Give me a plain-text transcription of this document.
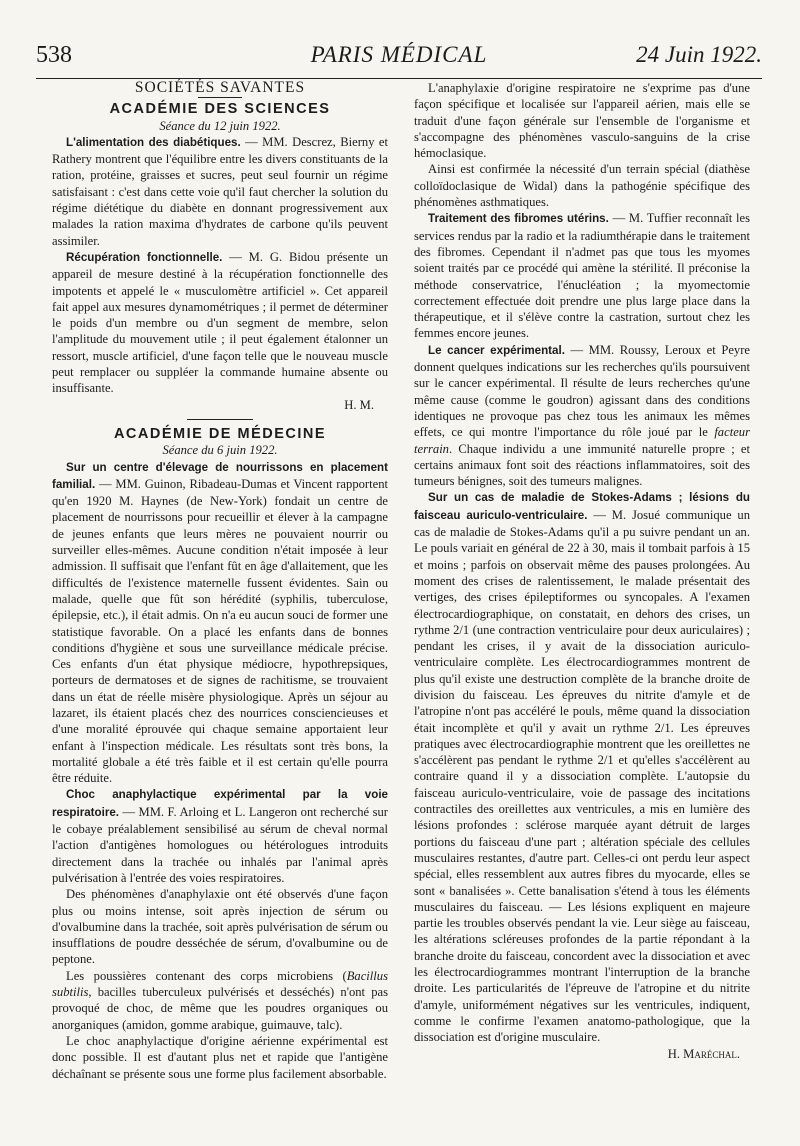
538	PARIS MÉDICAL	24 Juin 1922.

SOCIÉTÉS SAVANTES

ACADÉMIE DES SCIENCES

Séance du 12 juin 1922.

L'alimentation des diabétiques. — MM. Descrez, Bierny et Rathery montrent que l'équilibre entre les divers constituants de la ration, protéine, graisses et sucres, peut seul fournir un régime satisfaisant : c'est dans cette voie qu'il faut chercher la solution du régime diététique du diabète en donnant progressivement aux malades la ration maxima d'hydrates de carbone qu'ils peuvent assimiler.

Récupération fonctionnelle. — M. G. Bidou présente un appareil de mesure destiné à la récupération fonctionnelle des impotents et appelé le « musculomètre artificiel ». Cet appareil fait appel aux mesures dynamométriques ; il permet de déterminer le poids d'un membre ou d'un segment de membre, selon l'amplitude du mouvement utile ; il peut également étalonner un ressort, muscle artificiel, d'une façon telle que le nouveau muscle peut remplacer ou suppléer la commande humaine absente ou insuffisante.

H. M.

ACADÉMIE DE MÉDECINE

Séance du 6 juin 1922.

Sur un centre d'élevage de nourrissons en placement familial. — MM. Guinon, Ribadeau-Dumas et Vincent rapportent qu'en 1920 M. Haynes (de New-York) fondait un centre de placement de nourrissons pour recueillir et élever à la campagne de jeunes enfants que leurs mères ne pouvaient nourrir ou surveiller elles-mêmes. Aucune condition n'était imposée à leur admission. Il suffisait que l'enfant fût en âge d'allaitement, que les difficultés de l'existence maternelle fussent évidentes. Sain ou malade, quelle que fût son hérédité (syphilis, tuberculose, épilepsie, etc.), il était admis. On n'a eu aucun souci de former une statistique favorable. On a placé les enfants dans de bonnes conditions d'hygiène et sous une surveillance médicale précise. Ces enfants d'un état physique médiocre, hypothrepsiques, porteurs de dermatoses et de signes de rachitisme, se trouvaient dans un état de réelle misère physiologique. Après un séjour au lazaret, ils étaient placés chez des nourrices consciencieuses et d'une moralité éprouvée qui chaque semaine apportaient leur enfant à l'inspection médicale. Les résultats sont très bons, la mortalité globale a été très faible et il est certain qu'elle pourra être réduite.

Choc anaphylactique expérimental par la voie respiratoire. — MM. F. Arloing et L. Langeron ont recherché sur le cobaye préalablement sensibilisé au sérum de cheval normal l'action d'antigènes homologues ou hétérologues introduits directement dans la trachée ou inhalés par l'animal après pulvérisation à l'entrée des voies respiratoires.

Des phénomènes d'anaphylaxie ont été observés d'une façon plus ou moins intense, soit après injection de sérum ou d'ovalbumine dans la trachée, soit après pulvérisation de sérum ou insufflations de poudre desséchée de sérum, d'ovalbumine ou de peptone.

Les poussières contenant des corps microbiens (Bacillus subtilis, bacilles tuberculeux pulvérisés et desséchés) n'ont pas provoqué de choc, de même que les poudres organiques ou anorganiques (amidon, gomme arabique, guimauve, talc).

Le choc anaphylactique d'origine aérienne expérimental est donc possible. Il est d'autant plus net et rapide que l'antigène déchaînant se présente sous une forme plus facilement absorbable.

L'anaphylaxie d'origine respiratoire ne s'exprime pas d'une façon spécifique et localisée sur l'appareil aérien, mais elle se traduit d'une façon générale sur l'ensemble de l'organisme et s'accompagne des phénomènes vasculo-sanguins de la crise hémoclasique.

Ainsi est confirmée la nécessité d'un terrain spécial (diathèse colloïdoclasique de Widal) dans la pathogénie spécifique des phénomènes asthmatiques.

Traitement des fibromes utérins. — M. Tuffier reconnaît les services rendus par la radio et la radiumthérapie dans le traitement des fibromes. Cependant il n'admet pas que tous les myomes soient traités par ce procédé qui amène la stérilité. Il préconise la méthode conservatrice, l'énucléation ; la myomectomie correctement effectuée doit prendre une plus large place dans la thérapeutique, et il s'élève contre la castration, surtout chez les femmes encore jeunes.

Le cancer expérimental. — MM. Roussy, Leroux et Peyre donnent quelques indications sur les recherches qu'ils poursuivent sur le cancer expérimental. Il résulte de leurs recherches qu'une même cause (comme le goudron) agissant dans des conditions identiques ne provoque pas chez tous les animaux les mêmes effets, ce qui montre l'importance du rôle joué par le facteur terrain. Chaque individu a une immunité naturelle propre ; et certains animaux font soit des réactions inflammatoires, soit des tumeurs bénignes, soit des tumeurs malignes.

Sur un cas de maladie de Stokes-Adams ; lésions du faisceau auriculo-ventriculaire. — M. Josué communique un cas de maladie de Stokes-Adams qu'il a pu suivre pendant un an. Le pouls variait en général de 22 à 30, mais il tombait parfois à 15 et moins ; parfois on observait même des pauses prolongées. Au moment des crises de ralentissement, le malade présentait des vertiges, des crises épileptiformes ou syncopales. A l'examen électrocardiographique, on constatait, en dehors des crises, un rythme 2/1 (une contraction ventriculaire pour deux auriculaires) ; pendant les crises, il y avait de la dissociation auriculo-ventriculaire complète. Les électrocardiogrammes montrent de plus qu'il existe une destruction complète de la branche droite de division du faisceau. Les épreuves du nitrite d'amyle et de l'atropine n'ont pas accéléré le pouls, même quand la dissociation était incomplète et qu'il y avait un rythme 2/1. Les épreuves pratiques avec électrocardiographie montrent que les oreillettes ne s'accélèrent pas pendant le rythme 2/1 et qu'elles s'accélèrent au contraire quand il y a dissociation complète. L'autopsie du faisceau auriculo-ventriculaire, voie de passage des incitations contractiles des oreillettes aux ventricules, a mis en lumière des lésions profondes : sclérose marquée ayant détruit de larges portions du faisceau d'une part ; altération spéciale des cellules musculaires restantes, d'autre part. Celles-ci ont perdu leur aspect spécial, elles ressemblent aux autres fibres du myocarde, elles se sont « banalisées ». Cette banalisation s'étend à tous les éléments musculaires du faisceau. — Les lésions expliquent en majeure partie les troubles observés pendant la vie. Leur siège au faisceau, les altérations scléreuses profondes de la partie répondant à la branche droite du faisceau, concordent avec la dissociation et avec les électrocardiogrammes montrant l'interruption de la branche droite. Les particularités de l'épreuve de l'atropine et du nitrite d'amyle, uniformément négatives sur les ventricules, indiquent, comme le confirme l'examen anatomo-pathologique, que la dissociation est d'origine musculaire.

H. Maréchal.
